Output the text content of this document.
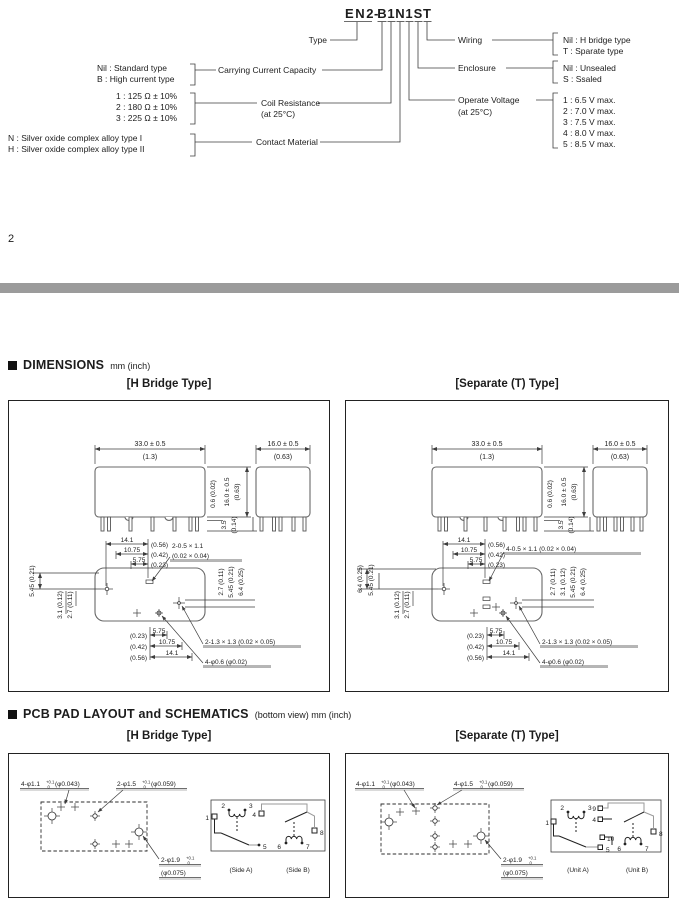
EN2
-
B 1 N 1 S T
Type
Carrying Current Capacity
Nil : Standard type
B : High current type
Coil Resistance
(at 25°C)
1 : 125 Ω ± 10%
2 : 180 Ω ± 10%
3 : 225 Ω ± 10%
Contact Material
N : Silver oxide complex alloy type I
H : Silver oxide complex alloy type II
Wiring	Nil : H bridge type
T : Sparate type
Enclosure	Nil : Unsealed
S : Ssaled
Operate Voltage
(at 25°C)
1 : 6.5 V max.
2 : 7.0 V max.
3 : 7.5 V max.
4 : 8.0 V max.
5 : 8.5 V max.
2
DIMENSIONS mm (inch)
[H Bridge Type]	[Separate (T) Type]
33.0 ± 0.5
(1.3)
16.0 ± 0.5
(0.63)
0.6 (0.02) 16.0 ± 0.5 (0.63)
3.5 (0.14)
14.1
10.75
5.75
(0.56)
(0.42)
(0.23)
(0.23)
(0.42)
(0.56)
5.75
10.75
14.1
5.45 (0.21)
3.1 (0.12) 2.7 (0.11)
2.7 (0.11) 5.45 (0.21) 6.4 (0.25)
2-0.5 × 1.1
(0.02 × 0.04)
2-1.3 × 1.3 (0.02 × 0.05)
4-φ0.6 (φ0.02)
33.0 ± 0.5
(1.3)
16.0 ± 0.5
(0.63)
0.6 (0.02) 16.0 ± 0.5 (0.63)
3.5 (0.14)
14.1
10.75
5.75
(0.56)
(0.42)
(0.23)
(0.23)
(0.42)
(0.56)
5.75
10.75
14.1
6.4 (0.25) 5.45 (0.21)
3.1 (0.12) 2.7 (0.11)
2.7 (0.11) 3.1 (0.12) 5.45 (0.21) 6.4 (0.25)
4-0.5 × 1.1 (0.02 × 0.04)
2-1.3 × 1.3 (0.02 × 0.05)
4-φ0.6 (φ0.02)
PCB PAD LAYOUT and SCHEMATICS (bottom view) mm (inch)
[H Bridge Type]	[Separate (T) Type]
4-φ1.1 +0.1
0 (φ0.043)	2-φ1.5 +0.1
0 (φ0.059)
2-φ1.9 +0.1
0
(φ0.075)
1
2	3
4
5 6	7
8
(Side A)	(Side B)
4-φ1.1 +0.1
0 (φ0.043)	4-φ1.5 +0.1
0 (φ0.059)
2-φ1.9 +0.1
0
(φ0.075)
1
2	3
4
5 6	7
8
9
10
(Unit A)	(Unit B)
